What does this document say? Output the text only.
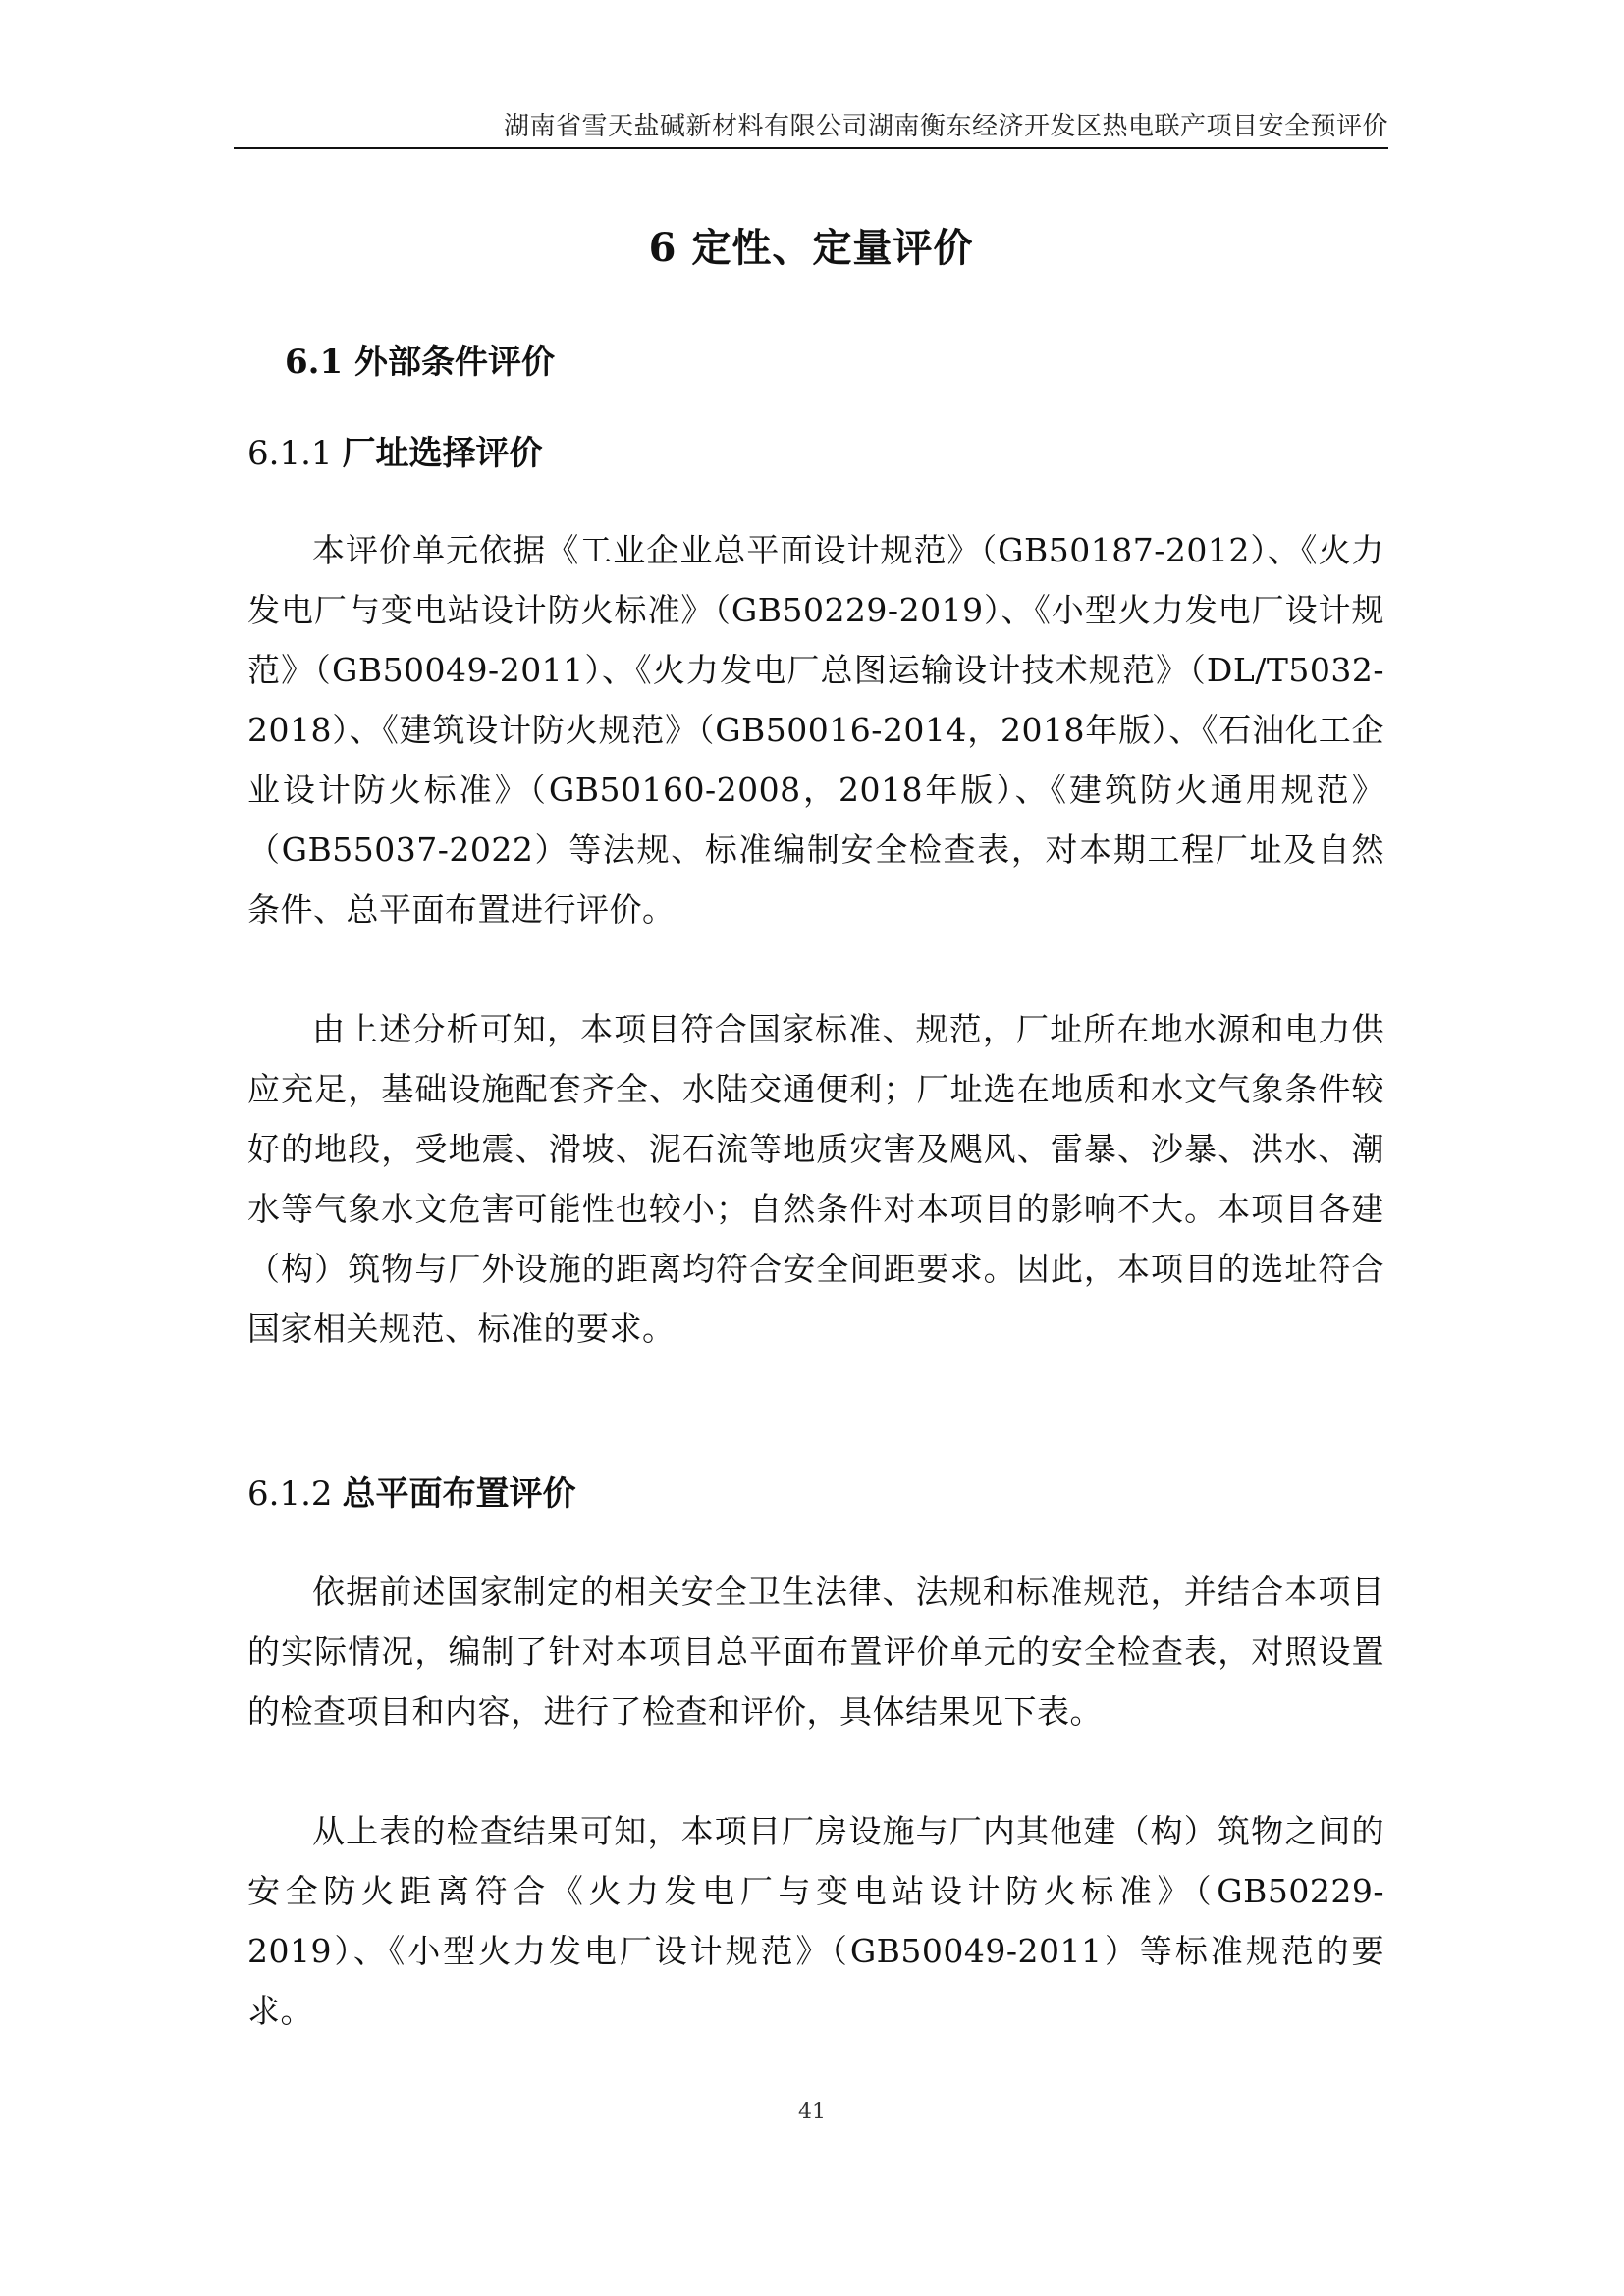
湖南省雪天盐碱新材料有限公司湖南衡东经济开发区热电联产项目安全预评价
6 定性、定量评价
6.1 外部条件评价
6.1.1 厂址选择评价

本评价单元依据《工业企业总平面设计规范》（GB50187-2012）、《火力发电厂与变电站设计防火标准》（GB50229-2019）、《小型火力发电厂设计规范》（GB50049-2011）、《火力发电厂总图运输设计技术规范》（DL/T5032-2018）、《建筑设计防火规范》（GB50016-2014，2018年版）、《石油化工企业设计防火标准》（GB50160-2008，2018年版）、《建筑防火通用规范》（GB55037-2022）等法规、标准编制安全检查表，对本期工程厂址及自然条件、总平面布置进行评价。

由上述分析可知，本项目符合国家标准、规范，厂址所在地水源和电力供应充足，基础设施配套齐全、水陆交通便利；厂址选在地质和水文气象条件较好的地段，受地震、滑坡、泥石流等地质灾害及飓风、雷暴、沙暴、洪水、潮水等气象水文危害可能性也较小；自然条件对本项目的影响不大。本项目各建（构）筑物与厂外设施的距离均符合安全间距要求。因此，本项目的选址符合国家相关规范、标准的要求。

6.1.2 总平面布置评价

依据前述国家制定的相关安全卫生法律、法规和标准规范，并结合本项目的实际情况，编制了针对本项目总平面布置评价单元的安全检查表，对照设置的检查项目和内容，进行了检查和评价，具体结果见下表。

从上表的检查结果可知，本项目厂房设施与厂内其他建（构）筑物之间的安全防火距离符合《火力发电厂与变电站设计防火标准》（GB50229-2019）、《小型火力发电厂设计规范》（GB50049-2011）等标准规范的要求。

41
